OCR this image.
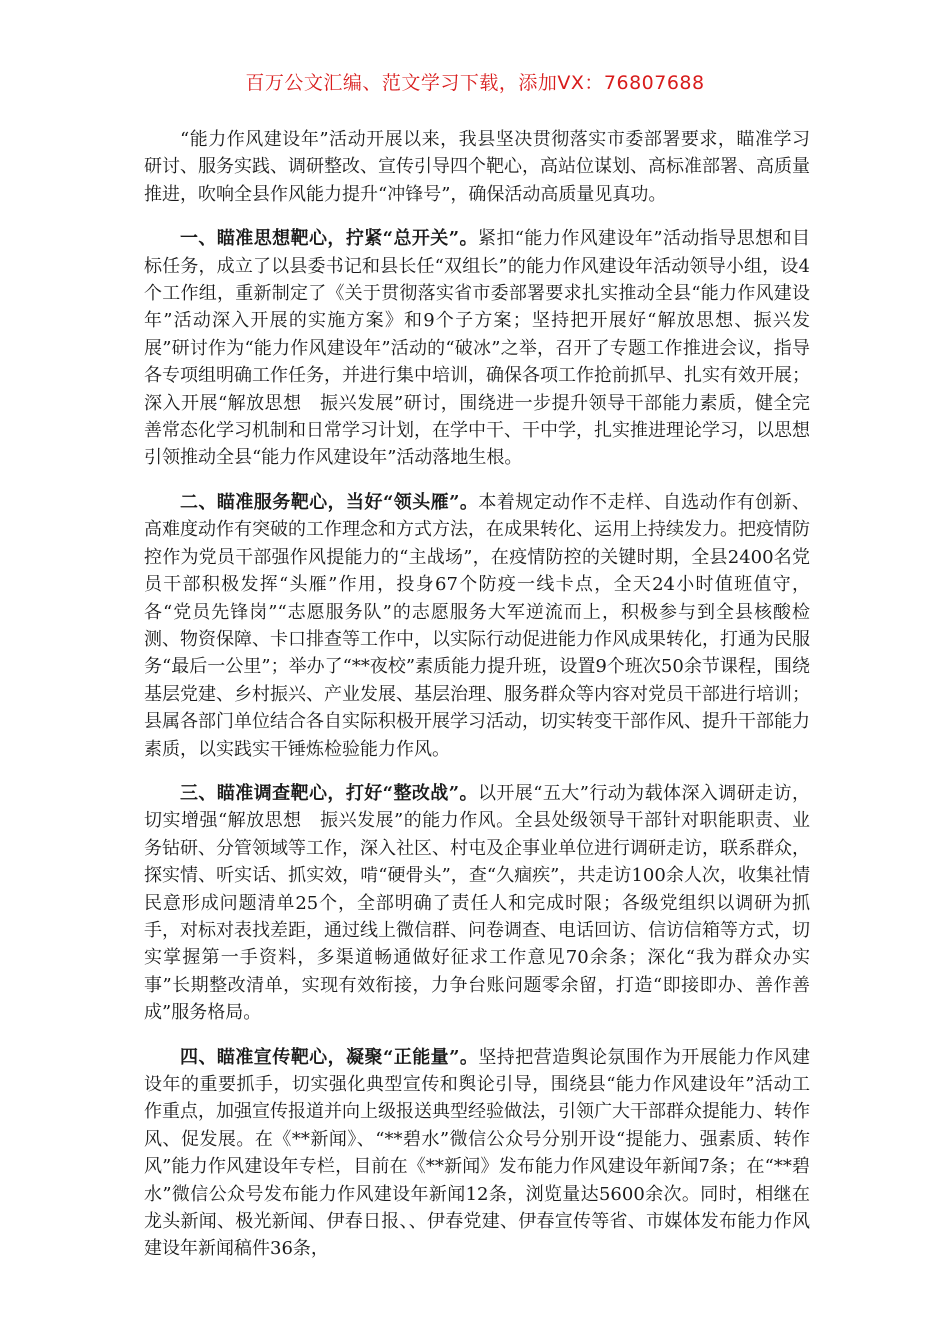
百万公文汇编、范文学习下载，添加VX：76807688

“能力作风建设年”活动开展以来，我县坚决贯彻落实市委部署要求，瞄准学习研讨、服务实践、调研整改、宣传引导四个靶心，高站位谋划、高标准部署、高质量推进，吹响全县作风能力提升“冲锋号”，确保活动高质量见真功。

一、瞄准思想靶心，拧紧“总开关”。紧扣“能力作风建设年”活动指导思想和目标任务，成立了以县委书记和县长任“双组长”的能力作风建设年活动领导小组，设4个工作组，重新制定了《关于贯彻落实省市委部署要求扎实推动全县“能力作风建设年”活动深入开展的实施方案》和9个子方案；坚持把开展好“解放思想、振兴发展”研讨作为“能力作风建设年”活动的“破冰”之举，召开了专题工作推进会议，指导各专项组明确工作任务，并进行集中培训，确保各项工作抢前抓早、扎实有效开展；深入开展“解放思想　振兴发展”研讨，围绕进一步提升领导干部能力素质，健全完善常态化学习机制和日常学习计划，在学中干、干中学，扎实推进理论学习，以思想引领推动全县“能力作风建设年”活动落地生根。

二、瞄准服务靶心，当好“领头雁”。本着规定动作不走样、自选动作有创新、高难度动作有突破的工作理念和方式方法，在成果转化、运用上持续发力。把疫情防控作为党员干部强作风提能力的“主战场”，在疫情防控的关键时期，全县2400名党员干部积极发挥“头雁”作用，投身67个防疫一线卡点，全天24小时值班值守，各“党员先锋岗”“志愿服务队”的志愿服务大军逆流而上，积极参与到全县核酸检测、物资保障、卡口排查等工作中，以实际行动促进能力作风成果转化，打通为民服务“最后一公里”；举办了“**夜校”素质能力提升班，设置9个班次50余节课程，围绕基层党建、乡村振兴、产业发展、基层治理、服务群众等内容对党员干部进行培训；县属各部门单位结合各自实际积极开展学习活动，切实转变干部作风、提升干部能力素质，以实践实干锤炼检验能力作风。

三、瞄准调查靶心，打好“整改战”。以开展“五大”行动为载体深入调研走访，切实增强“解放思想　振兴发展”的能力作风。全县处级领导干部针对职能职责、业务钻研、分管领域等工作，深入社区、村屯及企事业单位进行调研走访，联系群众，探实情、听实话、抓实效，啃“硬骨头”，查“久痼疾”，共走访100余人次，收集社情民意形成问题清单25个，全部明确了责任人和完成时限；各级党组织以调研为抓手，对标对表找差距，通过线上微信群、问卷调查、电话回访、信访信箱等方式，切实掌握第一手资料，多渠道畅通做好征求工作意见70余条；深化“我为群众办实事”长期整改清单，实现有效衔接，力争台账问题零余留，打造“即接即办、善作善成”服务格局。

四、瞄准宣传靶心，凝聚“正能量”。坚持把营造舆论氛围作为开展能力作风建设年的重要抓手，切实强化典型宣传和舆论引导，围绕县“能力作风建设年”活动工作重点，加强宣传报道并向上级报送典型经验做法，引领广大干部群众提能力、转作风、促发展。在《**新闻》、“**碧水”微信公众号分别开设“提能力、强素质、转作风”能力作风建设年专栏，目前在《**新闻》发布能力作风建设年新闻7条；在“**碧水”微信公众号发布能力作风建设年新闻12条，浏览量达5600余次。同时，相继在龙头新闻、极光新闻、伊春日报、、伊春党建、伊春宣传等省、市媒体发布能力作风建设年新闻稿件36条，
